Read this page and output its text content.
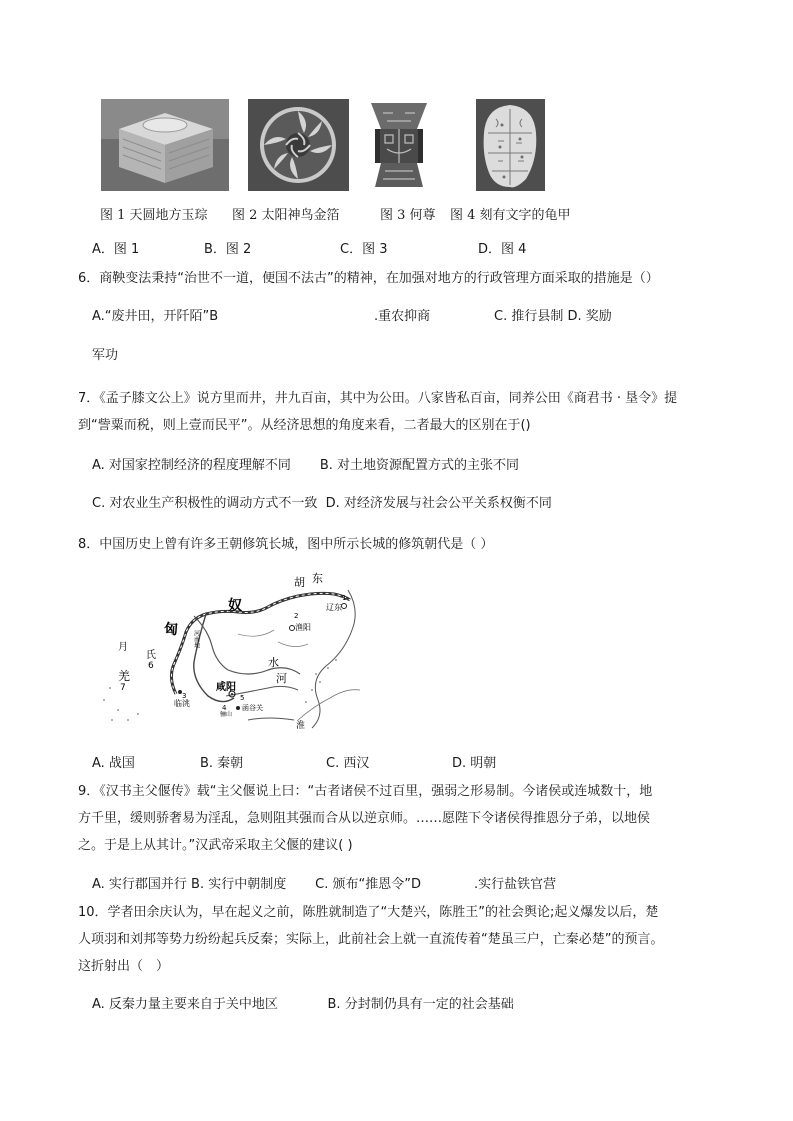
图 1 天圆地方玉琮 图 2 太阳神鸟金箔	图 3 何尊 图 4 刻有文字的龟甲
A．图 1	B．图 2	C．图 3	D．图 4
6．商鞅变法秉持“治世不一道，便国不法古”的精神，在加强对地方的行政管理方面采取的措施是（）
A.“废井田，开阡陌”B	.重农抑商	C. 推行县制 D. 奖励
军功
7．《孟子膝文公上》说方里而井，井九百亩，其中为公田。八家皆私百亩，同养公田《商君书 · 垦令》提
到“訾粟而税，则上壹而民平”。从经济思想的角度来看，二者最大的区别在于()
A. 对国家控制经济的程度理解不同       B. 对土地资源配置方式的主张不同
C. 对农业生产积极性的调动方式不一致  D. 对经济发展与社会公平关系权衡不同
8．中国历史上曾有许多王朝修筑长城，图中所示长城的修筑朝代是（ ）
胡 东
奴
匈
月
氏
羌
河南地
渔阳
辽东
咸阳
临洮	函谷关
骊山
河
水
淮
1
2
3
4
5
6
7
A. 战国	B. 秦朝	C. 西汉	D. 明朝
9．《汉书主父偃传》载“主父偃说上曰：“古者诸侯不过百里，强弱之形易制。今诸侯或连城数十，地
方千里，缓则骄奢易为淫乱，急则阻其强而合从以逆京师。……愿陛下令诸侯得推恩分子弟，以地侯
之。于是上从其计。”汉武帝采取主父偃的建议( )
A. 实行郡国并行 B. 实行中朝制度       C. 颁布“推恩令”D	.实行盐铁官营
10．学者田余庆认为，早在起义之前，陈胜就制造了“大楚兴，陈胜王”的社会舆论;起义爆发以后，楚
人项羽和刘邦等势力纷纷起兵反秦；实际上，此前社会上就一直流传着“楚虽三户，亡秦必楚”的预言。
这折射出（　）
A. 反秦力量主要来自于关中地区            B. 分封制仍具有一定的社会基础
